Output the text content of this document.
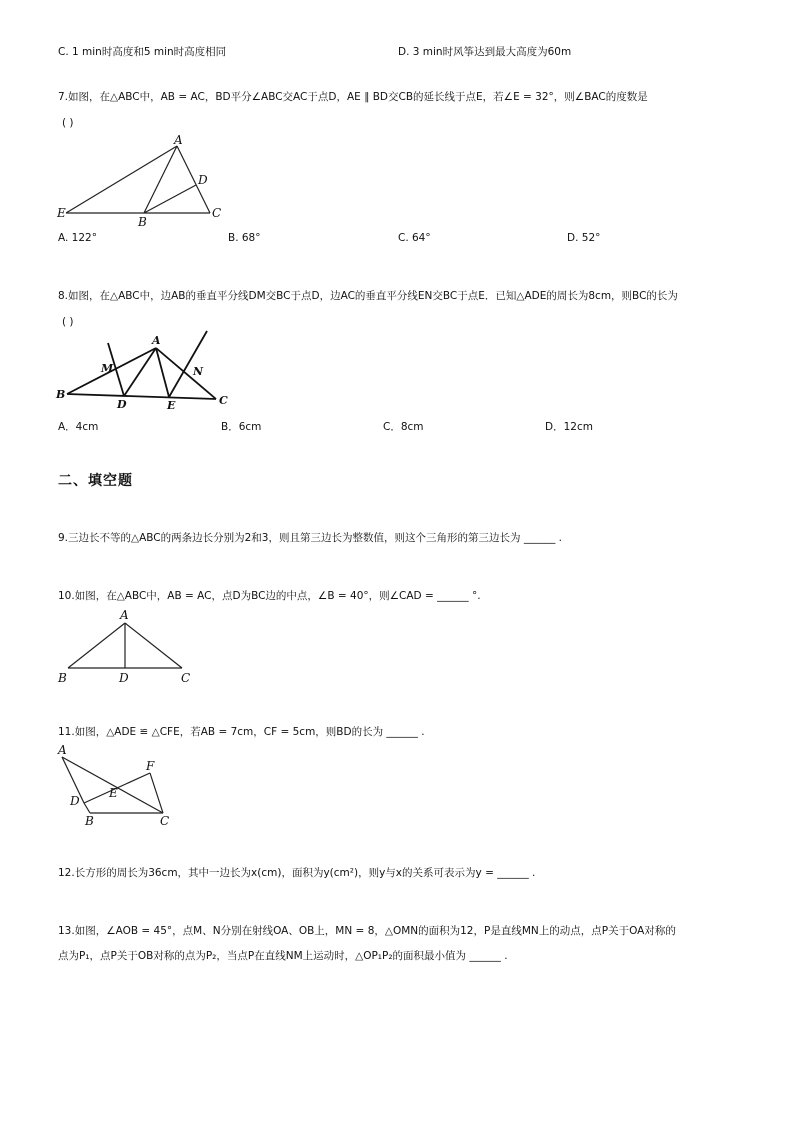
C. 1 min时高度和5 min时高度相同	D. 3 min时风筝达到最大高度为60m
7.如图，在△ABC中，AB = AC，BD平分∠ABC交AC于点D，AE ∥ BD交CB的延长线于点E，若∠E = 32°，则∠BAC的度数是
( )
A
D
E
B
C
A. 122°	B. 68°	C. 64°	D. 52°
8.如图，在△ABC中，边AB的垂直平分线DM交BC于点D，边AC的垂直平分线EN交BC于点E．已知△ADE的周长为8cm，则BC的长为
( )
A
M	N
B
D	E	C
A．4cm	B．6cm	C．8cm	D．12cm
二、填空题
9.三边长不等的△ABC的两条边长分别为2和3，则且第三边长为整数值，则这个三角形的第三边长为 ______ .
10.如图，在△ABC中，AB = AC，点D为BC边的中点，∠B = 40°，则∠CAD = ______ °.
A
B	D	C
11.如图，△ADE ≌ △CFE，若AB = 7cm，CF = 5cm，则BD的长为 ______ .
A
F
E
D
B	C
12.长方形的周长为36cm，其中一边长为x(cm)，面积为y(cm²)，则y与x的关系可表示为y = ______ .
13.如图，∠AOB = 45°，点M、N分别在射线OA、OB上，MN = 8，△OMN的面积为12，P是直线MN上的动点，点P关于OA对称的
点为P₁，点P关于OB对称的点为P₂，当点P在直线NM上运动时，△OP₁P₂的面积最小值为 ______ .
